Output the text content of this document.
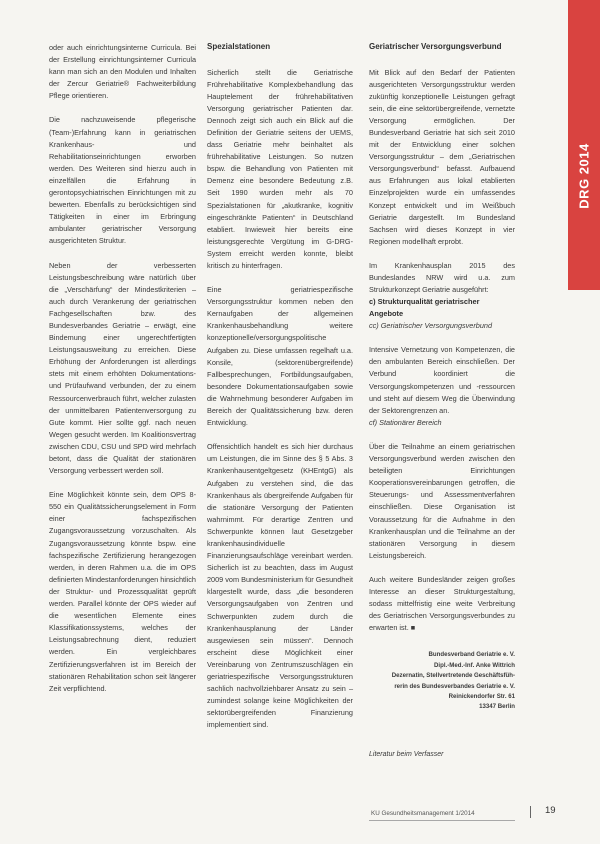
DRG 2014

oder auch einrichtungsinterne Curricula. Bei der Erstellung einrichtungsinterner Curricula kann man sich an den Modulen und Inhalten der Zercur Geriatrie® Fachweiterbildung Pflege orientieren.

Die nachzuweisende pflegerische (Team-)Erfahrung kann in geriatrischen Krankenhaus- und Rehabilitationseinrichtungen erworben werden. Des Weiteren sind hierzu auch in einzelfällen die Erfahrung in gerontopsychiatrischen Einrichtungen mit zu bewerten. Ebenfalls zu berücksichtigen sind Tätigkeiten in einer im Erbringung ambulanter geriatrischer Versorgung ausgerichteten Struktur.

Neben der verbesserten Leistungsbeschreibung wäre natürlich über die „Verschärfung“ der Mindestkriterien – auch durch Verankerung der geriatrischen Fachgesellschaften bzw. des Bundesverbandes Geriatrie – erwägt, eine Bindemung einer ungerechtfertigten Leistungsausweitung zu erreichen. Diese Erhöhung der Anforderungen ist allerdings stets mit einem erhöhten Dokumentations- und Prüfaufwand verbunden, der zu einem Ressourcenverbrauch führt, welcher zulasten der unmittelbaren Patientenversorgung zu Gute kommt. Hier sollte ggf. nach neuen Wegen gesucht werden. Im Koalitionsvertrag zwischen CDU, CSU und SPD wird mehrfach betont, dass die Qualität der stationären Versorgung verbessert werden soll.

Eine Möglichkeit könnte sein, dem OPS 8-550 ein Qualitätssicherungselement in Form einer fachspezifischen Zugangsvoraussetzung vorzuschalten. Als Zugangsvoraussetzung könnte bspw. eine fachspezifische Zertifizierung herangezogen werden, in deren Rahmen u.a. die im OPS definierten Mindestanforderungen hinsichtlich der Struktur- und Prozessqualität geprüft werden. Parallel könnte der OPS wieder auf die wesentlichen Elemente eines Klassifikationssystems, welches der Leistungsabrechnung dient, reduziert werden. Ein vergleichbares Zertifizierungsverfahren ist im Bereich der stationären Rehabilitation schon seit längerer Zeit verpflichtend.

Spezialstationen

Sicherlich stellt die Geriatrische Frührehabilitative Komplexbehandlung das Hauptelement der frührehabilitativen Versorgung geriatrischer Patienten dar. Dennoch zeigt sich auch ein Blick auf die Definition der Geriatrie seitens der UEMS, dass Geriatrie mehr beinhaltet als frührehabilitative Leistungen. So nutzen bspw. die Behandlung von Patienten mit Demenz eine besondere Bedeutung z.B. Seit 1990 wurden mehr als 70 Spezialstationen für „akutkranke, kognitiv eingeschränkte Patienten“ in Deutschland etabliert. Inwieweit hier bereits eine leistungsgerechte Vergütung im G-DRG-System erreicht werden konnte, bleibt kritisch zu hinterfragen.

Eine geriatriespezifische Versorgungsstruktur kommen neben den Kernaufgaben der allgemeinen Krankenhausbehandlung weitere konzeptionelle/versorgungspolitische Aufgaben zu. Diese umfassen regelhaft u.a. Konsile, (sektorenübergreifende) Fallbesprechungen, Fortbildungsaufgaben, besondere Dokumentationsaufgaben sowie die Wahrnehmung besonderer Aufgaben im Bereich der Qualitätssicherung bzw. deren Entwicklung.

Offensichtlich handelt es sich hier durchaus um Leistungen, die im Sinne des § 5 Abs. 3 Krankenhausentgeltgesetz (KHEntgG) als Aufgaben zu verstehen sind, die das Krankenhaus als übergreifende Aufgaben für die stationäre Versorgung der Patienten wahrnimmt. Für derartige Zentren und Schwerpunkte können laut Gesetzgeber krankenhausindividuelle Finanzierungsaufschläge vereinbart werden. Sicherlich ist zu beachten, dass im August 2009 vom Bundesministerium für Gesundheit klargestellt wurde, dass „die besonderen Versorgungsaufgaben von Zentren und Schwerpunkten zudem durch die Krankenhausplanung der Länder ausgewiesen sein müssen“. Dennoch erscheint diese Möglichkeit einer Vereinbarung von Zentrumszuschlägen ein geriatriespezifische Versorgungsstrukturen sachlich nachvollziehbarer Ansatz zu sein – zumindest solange keine Möglichkeiten der sektorübergreifenden Finanzierung implementiert sind.

Geriatrischer Versorgungsverbund

Mit Blick auf den Bedarf der Patienten ausgerichteten Versorgungsstruktur werden zukünftig konzeptionelle Leistungen gefragt sein, die eine sektorübergreifende, vernetzte Versorgung ermöglichen. Der Bundesverband Geriatrie hat sich seit 2010 mit der Entwicklung einer solchen Versorgungsstruktur – dem „Geriatrischen Versorgungsverbund“ befasst. Aufbauend aus Erfahrungen aus lokal etablierten Einzelprojekten wurde ein umfassendes Konzept entwickelt und im Weißbuch Geriatrie dargestellt. Im Bundesland Sachsen wird dieses Konzept in vier Regionen modellhaft erprobt.

Im Krankenhausplan 2015 des Bundeslandes NRW wird u.a. zum Strukturkonzept Geriatrie ausgeführt:

c) Strukturqualität geriatrischer Angebote

cc) Geriatrischer Versorgungsverbund

Intensive Vernetzung von Kompetenzen, die den ambulanten Bereich einschließen. Der Verbund koordiniert die Versorgungskompetenzen und -ressourcen und steht auf diesem Weg die Überwindung der Sektorengrenzen an.

cf) Stationärer Bereich

Über die Teilnahme an einem geriatrischen Versorgungsverbund werden zwischen den beteiligten Einrichtungen Kooperationsvereinbarungen getroffen, die Steuerungs- und Assessmentverfahren einschließen. Diese Organisation ist Voraussetzung für die Aufnahme in den Krankenhausplan und die Teilnahme an der stationären Versorgung in diesem Leistungsbereich.

Auch weitere Bundesländer zeigen großes Interesse an dieser Strukturgestaltung, sodass mittelfristig eine weite Verbreitung des Geriatrischen Versorgungsverbundes zu erwarten ist. ■

Bundesverband Geriatrie e. V.
Dipl.-Med.-Inf. Anke Wittrich
Dezernatin, Stellvertretende Geschäftsfüh-
rerin des Bundesverbandes Geriatrie e. V.
Reinickendorfer Str. 61
13347 Berlin
Literatur beim Verfasser
KU Gesundheitsmanagement 1/2014	19
